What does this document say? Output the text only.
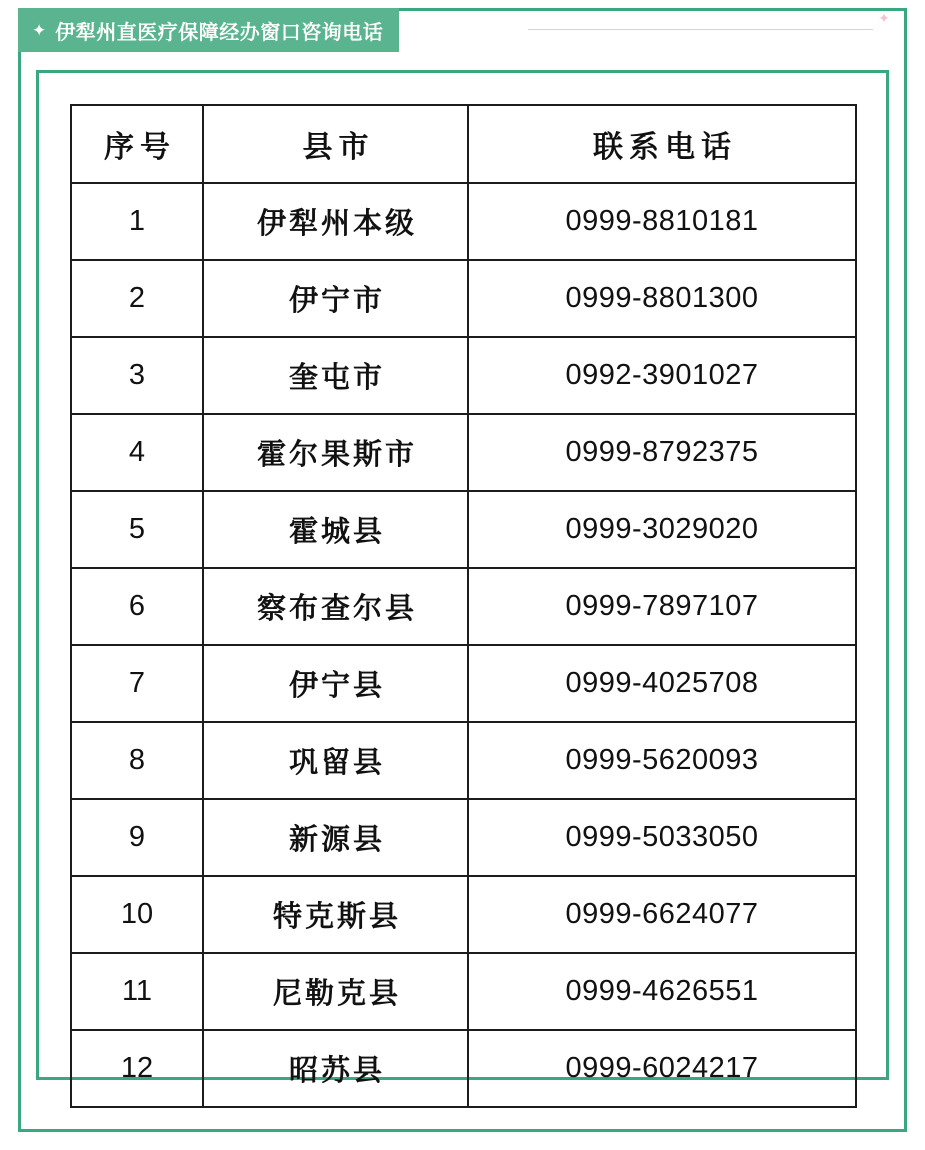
✦ 伊犁州直医疗保障经办窗口咨询电话
✦
序号	县市	联系电话
1	伊犁州本级	0999-8810181
2	伊宁市	0999-8801300
3	奎屯市	0992-3901027
4	霍尔果斯市	0999-8792375
5	霍城县	0999-3029020
6	察布查尔县	0999-7897107
7	伊宁县	0999-4025708
8	巩留县	0999-5620093
9	新源县	0999-5033050
10	特克斯县	0999-6624077
11	尼勒克县	0999-4626551
12	昭苏县	0999-6024217
